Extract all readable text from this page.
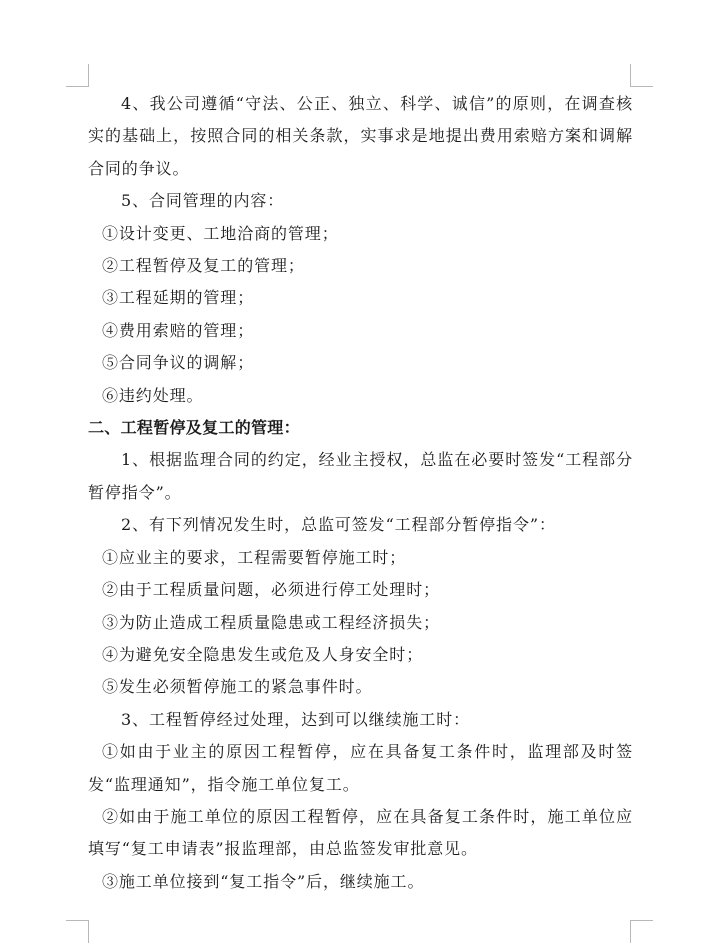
4、我公司遵循“守法、公正、独立、科学、诚信”的原则，在调查核实的基础上，按照合同的相关条款，实事求是地提出费用索赔方案和调解合同的争议。

5、合同管理的内容：

①设计变更、工地洽商的管理；

②工程暂停及复工的管理；

③工程延期的管理；

④费用索赔的管理；

⑤合同争议的调解；

⑥违约处理。

二、工程暂停及复工的管理：

1、根据监理合同的约定，经业主授权，总监在必要时签发“工程部分暂停指令”。

2、有下列情况发生时，总监可签发“工程部分暂停指令”：

①应业主的要求，工程需要暂停施工时；

②由于工程质量问题，必须进行停工处理时；

③为防止造成工程质量隐患或工程经济损失；

④为避免安全隐患发生或危及人身安全时；

⑤发生必须暂停施工的紧急事件时。

3、工程暂停经过处理，达到可以继续施工时：

①如由于业主的原因工程暂停，应在具备复工条件时，监理部及时签发“监理通知”，指令施工单位复工。

②如由于施工单位的原因工程暂停，应在具备复工条件时，施工单位应填写“复工申请表”报监理部，由总监签发审批意见。

③施工单位接到“复工指令”后，继续施工。
